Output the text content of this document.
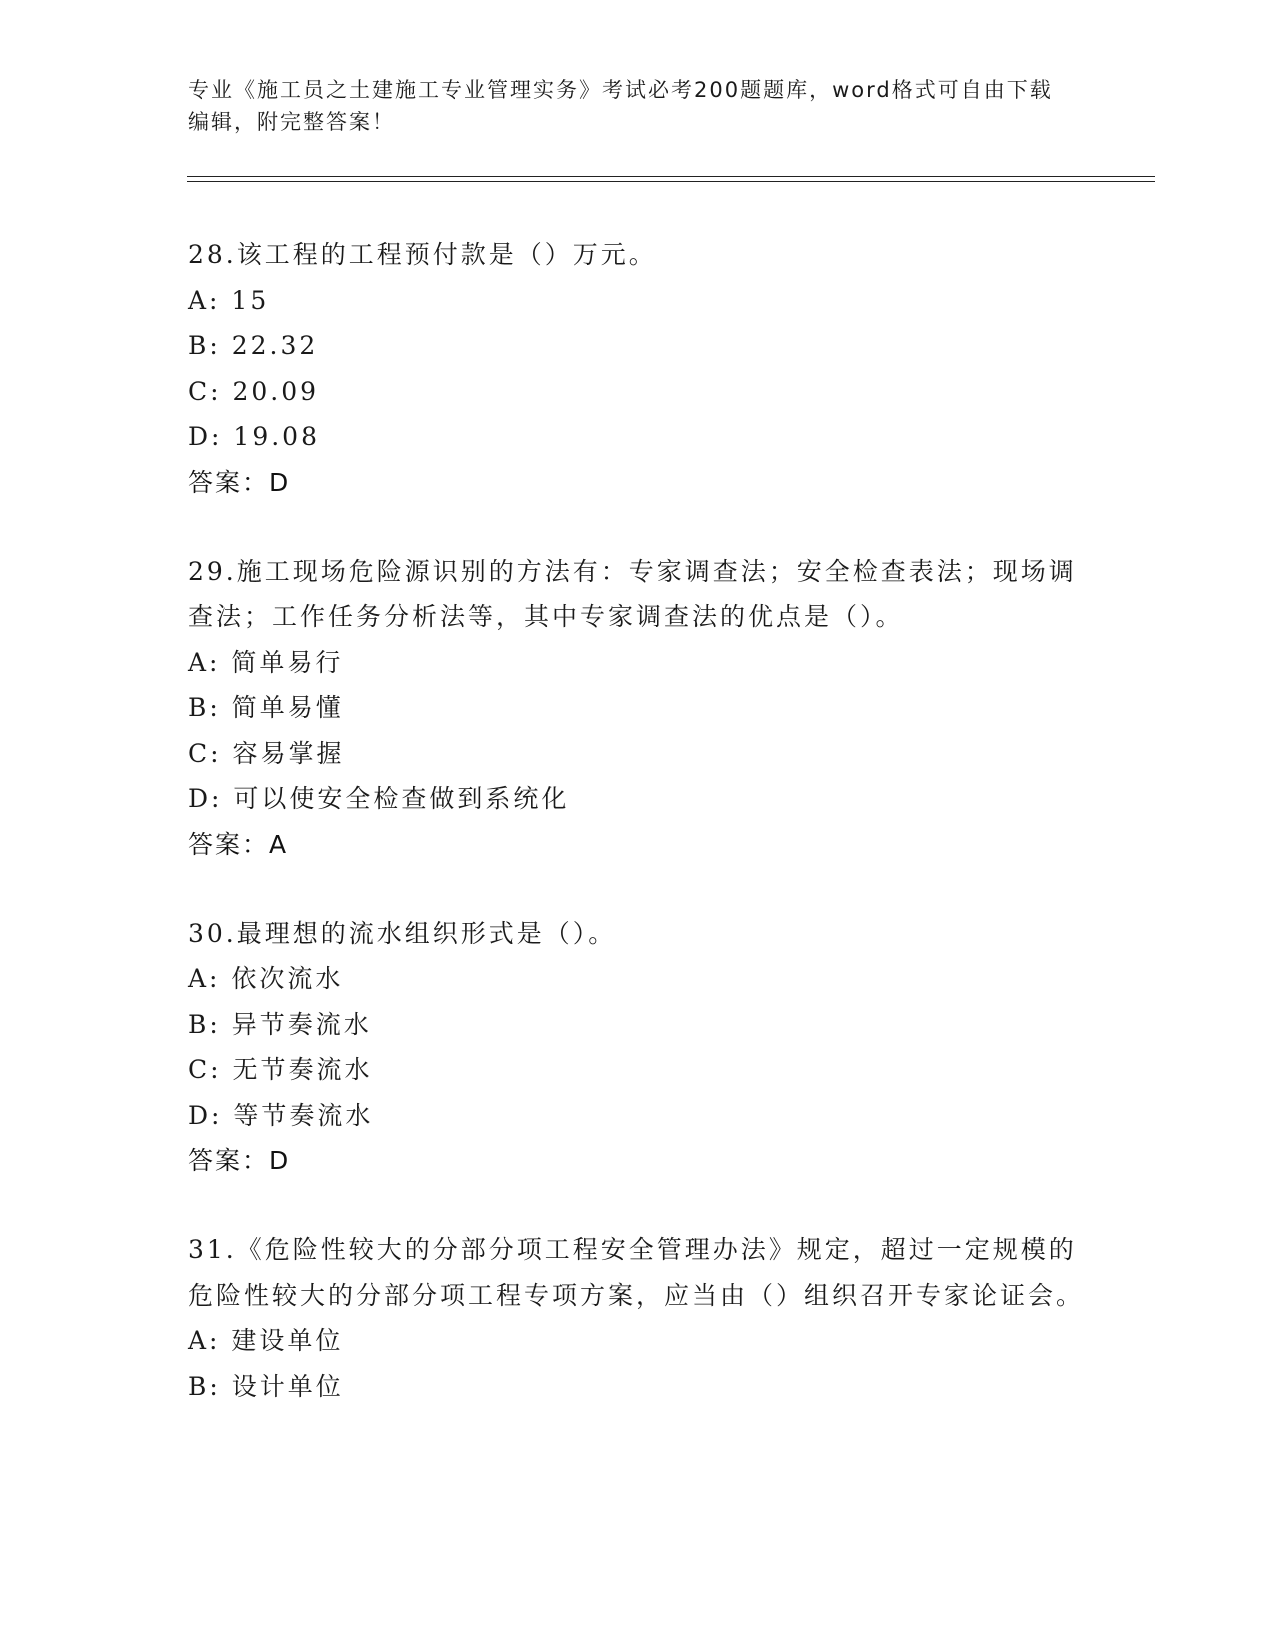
专业《施工员之土建施工专业管理实务》考试必考200题题库，word格式可自由下载编辑，附完整答案！

28.该工程的工程预付款是（）万元。

A: 15

B: 22.32

C: 20.09

D: 19.08

答案：D

29.施工现场危险源识别的方法有：专家调查法；安全检查表法；现场调查法；工作任务分析法等，其中专家调查法的优点是（）。

A: 简单易行

B: 简单易懂

C: 容易掌握

D: 可以使安全检查做到系统化

答案：A

30.最理想的流水组织形式是（）。

A: 依次流水

B: 异节奏流水

C: 无节奏流水

D: 等节奏流水

答案：D

31.《危险性较大的分部分项工程安全管理办法》规定，超过一定规模的危险性较大的分部分项工程专项方案，应当由（）组织召开专家论证会。

A: 建设单位

B: 设计单位
